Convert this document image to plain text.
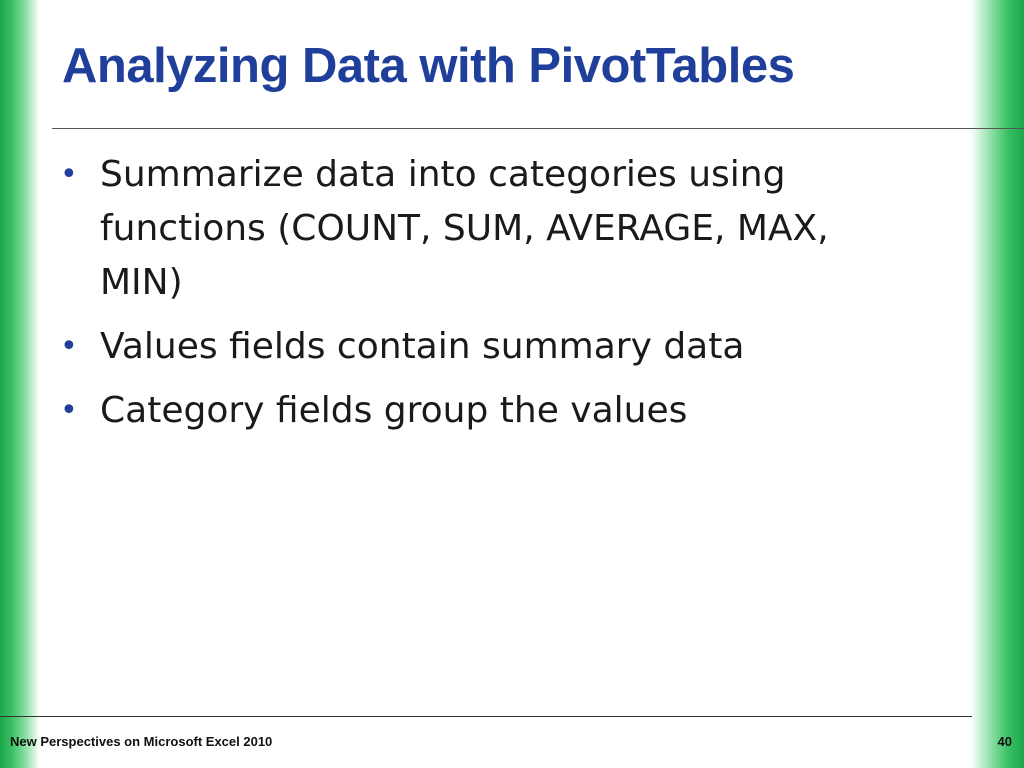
Analyzing Data with PivotTables
• Summarize data into categories using functions (COUNT, SUM, AVERAGE, MAX, MIN)
• Values fields contain summary data
• Category fields group the values
New Perspectives on Microsoft Excel 2010	40
